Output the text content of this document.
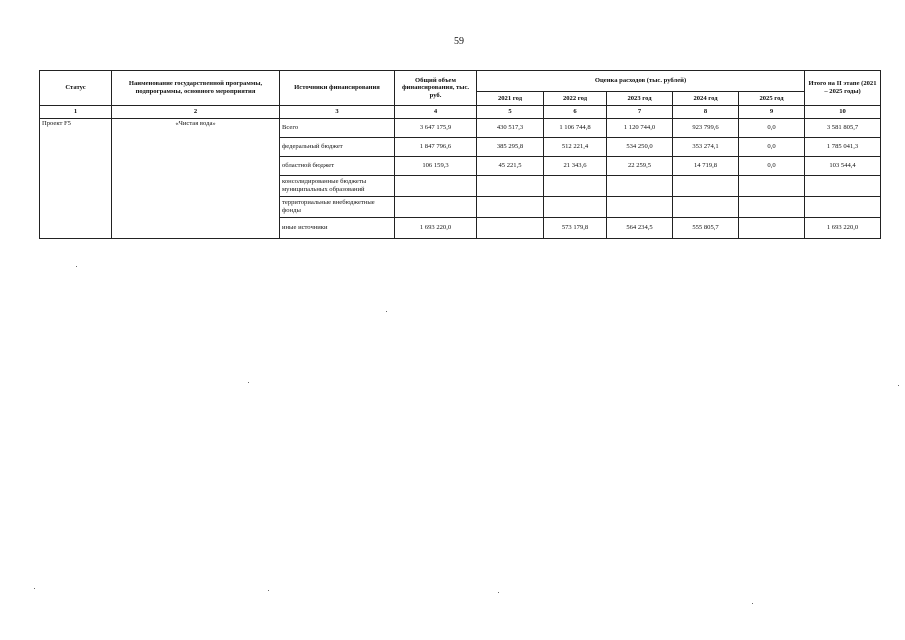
59
Статус	Наименование государственной программы, подпрограммы, основного мероприятия	Источники финансирования	Общий объем финансирования, тыс. руб.	Оценка расходов (тыс. рублей)					Итого на II этапе (2021 – 2025 годы)
				2021 год	2022 год	2023 год	2024 год	2025 год	
1	2	3	4	5	6	7	8	9	10
Проект F5	«Чистая вода»	Всего	3 647 175,9	430 517,3	1 106 744,8	1 120 744,0	923 799,6	0,0	3 581 805,7
		федеральный бюджет	1 847 796,6	385 295,8	512 221,4	534 250,0	353 274,1	0,0	1 785 041,3
		областной бюджет	106 159,3	45 221,5	21 343,6	22 259,5	14 719,8	0,0	103 544,4
		консолидированные бюджеты муниципальных образований							
		территориальные внебюджетные фонды							
		иные источники	1 693 220,0		573 179,8	564 234,5	555 805,7		1 693 220,0
